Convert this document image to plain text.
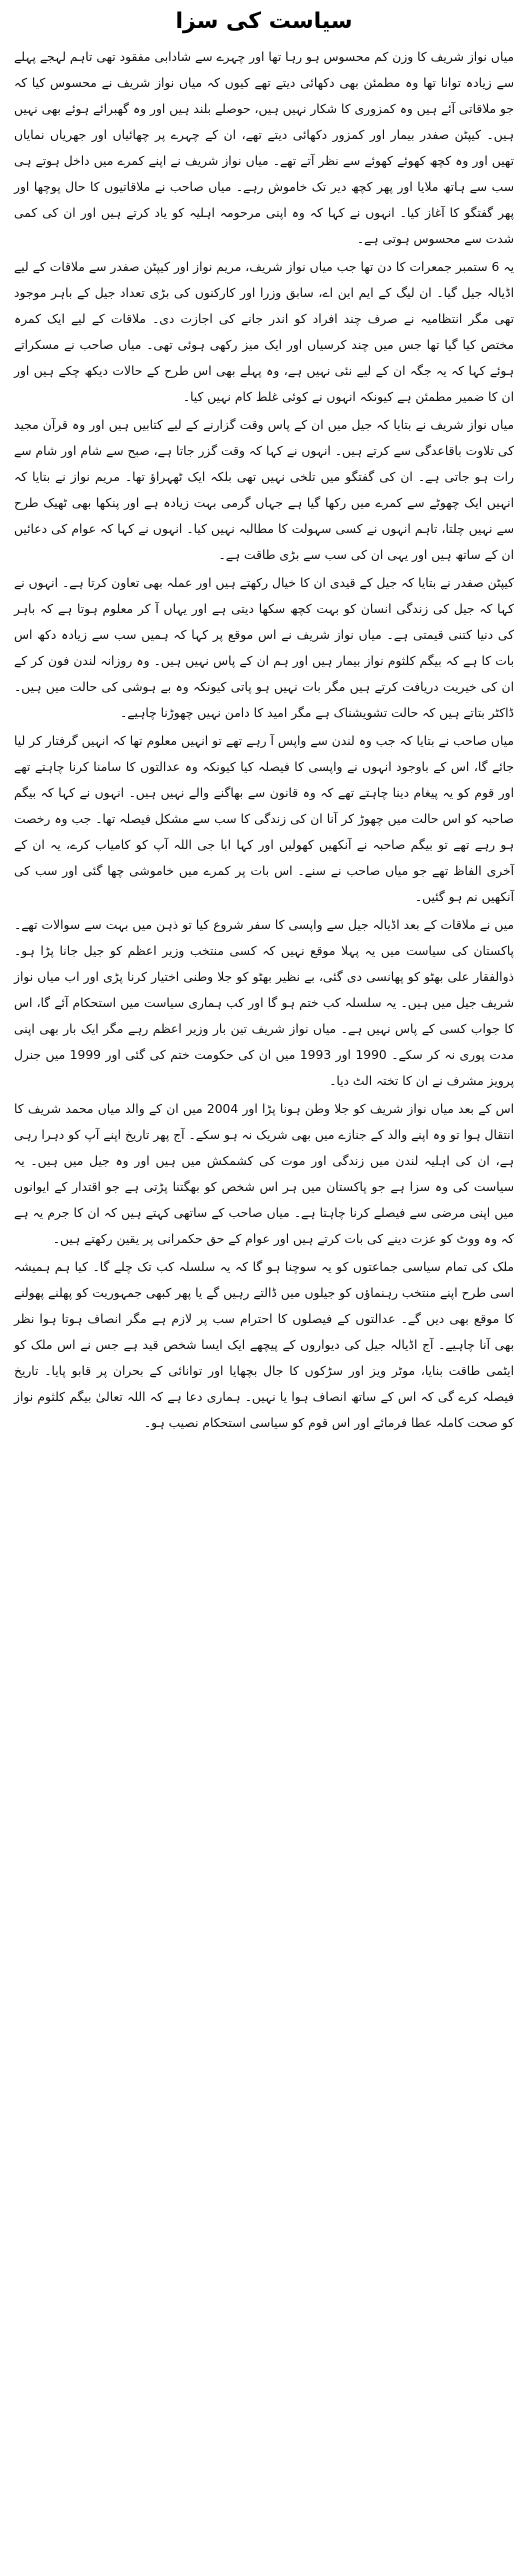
سیاست کی سزا

میاں نواز شریف کا وزن کم محسوس ہو رہا تھا اور چہرے سے شادابی مفقود تھی تاہم لہجے پہلے سے زیادہ توانا تھا وہ مطمئن بھی دکھائی دیتے تھے کیوں کہ میاں نواز شریف نے محسوس کیا کہ جو ملاقاتی آئے ہیں وہ کمزوری کا شکار نہیں ہیں، حوصلے بلند ہیں اور وہ گھبرائے ہوئے بھی نہیں ہیں۔ کیپٹن صفدر بیمار اور کمزور دکھائی دیتے تھے، ان کے چہرے پر چھائیاں اور جھریاں نمایاں تھیں اور وہ کچھ کھوئے کھوئے سے نظر آتے تھے۔ میاں نواز شریف نے اپنے کمرے میں داخل ہوتے ہی سب سے ہاتھ ملایا اور پھر کچھ دیر تک خاموش رہے۔ میاں صاحب نے ملاقاتیوں کا حال پوچھا اور پھر گفتگو کا آغاز کیا۔ انہوں نے کہا کہ وہ اپنی مرحومہ اہلیہ کو یاد کرتے ہیں اور ان کی کمی شدت سے محسوس ہوتی ہے۔

یہ 6 ستمبر جمعرات کا دن تھا جب میاں نواز شریف، مریم نواز اور کیپٹن صفدر سے ملاقات کے لیے اڈیالہ جیل گیا۔ ان لیگ کے ایم این اے، سابق وزرا اور کارکنوں کی بڑی تعداد جیل کے باہر موجود تھی مگر انتظامیہ نے صرف چند افراد کو اندر جانے کی اجازت دی۔ ملاقات کے لیے ایک کمرہ مختص کیا گیا تھا جس میں چند کرسیاں اور ایک میز رکھی ہوئی تھی۔ میاں صاحب نے مسکراتے ہوئے کہا کہ یہ جگہ ان کے لیے نئی نہیں ہے، وہ پہلے بھی اس طرح کے حالات دیکھ چکے ہیں اور ان کا ضمیر مطمئن ہے کیونکہ انہوں نے کوئی غلط کام نہیں کیا۔

میاں نواز شریف نے بتایا کہ جیل میں ان کے پاس وقت گزارنے کے لیے کتابیں ہیں اور وہ قرآن مجید کی تلاوت باقاعدگی سے کرتے ہیں۔ انہوں نے کہا کہ وقت گزر جاتا ہے، صبح سے شام اور شام سے رات ہو جاتی ہے۔ ان کی گفتگو میں تلخی نہیں تھی بلکہ ایک ٹھہراؤ تھا۔ مریم نواز نے بتایا کہ انہیں ایک چھوٹے سے کمرے میں رکھا گیا ہے جہاں گرمی بہت زیادہ ہے اور پنکھا بھی ٹھیک طرح سے نہیں چلتا، تاہم انہوں نے کسی سہولت کا مطالبہ نہیں کیا۔ انہوں نے کہا کہ عوام کی دعائیں ان کے ساتھ ہیں اور یہی ان کی سب سے بڑی طاقت ہے۔

کیپٹن صفدر نے بتایا کہ جیل کے قیدی ان کا خیال رکھتے ہیں اور عملہ بھی تعاون کرتا ہے۔ انہوں نے کہا کہ جیل کی زندگی انسان کو بہت کچھ سکھا دیتی ہے اور یہاں آ کر معلوم ہوتا ہے کہ باہر کی دنیا کتنی قیمتی ہے۔ میاں نواز شریف نے اس موقع پر کہا کہ ہمیں سب سے زیادہ دکھ اس بات کا ہے کہ بیگم کلثوم نواز بیمار ہیں اور ہم ان کے پاس نہیں ہیں۔ وہ روزانہ لندن فون کر کے ان کی خیریت دریافت کرتے ہیں مگر بات نہیں ہو پاتی کیونکہ وہ بے ہوشی کی حالت میں ہیں۔ ڈاکٹر بتاتے ہیں کہ حالت تشویشناک ہے مگر امید کا دامن نہیں چھوڑنا چاہیے۔

میاں صاحب نے بتایا کہ جب وہ لندن سے واپس آ رہے تھے تو انہیں معلوم تھا کہ انہیں گرفتار کر لیا جائے گا، اس کے باوجود انہوں نے واپسی کا فیصلہ کیا کیونکہ وہ عدالتوں کا سامنا کرنا چاہتے تھے اور قوم کو یہ پیغام دینا چاہتے تھے کہ وہ قانون سے بھاگنے والے نہیں ہیں۔ انہوں نے کہا کہ بیگم صاحبہ کو اس حالت میں چھوڑ کر آنا ان کی زندگی کا سب سے مشکل فیصلہ تھا۔ جب وہ رخصت ہو رہے تھے تو بیگم صاحبہ نے آنکھیں کھولیں اور کہا ابا جی اللہ آپ کو کامیاب کرے، یہ ان کے آخری الفاظ تھے جو میاں صاحب نے سنے۔ اس بات پر کمرے میں خاموشی چھا گئی اور سب کی آنکھیں نم ہو گئیں۔

میں نے ملاقات کے بعد اڈیالہ جیل سے واپسی کا سفر شروع کیا تو ذہن میں بہت سے سوالات تھے۔ پاکستان کی سیاست میں یہ پہلا موقع نہیں کہ کسی منتخب وزیر اعظم کو جیل جانا پڑا ہو۔ ذوالفقار علی بھٹو کو پھانسی دی گئی، بے نظیر بھٹو کو جلا وطنی اختیار کرنا پڑی اور اب میاں نواز شریف جیل میں ہیں۔ یہ سلسلہ کب ختم ہو گا اور کب ہماری سیاست میں استحکام آئے گا، اس کا جواب کسی کے پاس نہیں ہے۔ میاں نواز شریف تین بار وزیر اعظم رہے مگر ایک بار بھی اپنی مدت پوری نہ کر سکے۔ 1990 اور 1993 میں ان کی حکومت ختم کی گئی اور 1999 میں جنرل پرویز مشرف نے ان کا تختہ الٹ دیا۔

اس کے بعد میاں نواز شریف کو جلا وطن ہونا پڑا اور 2004 میں ان کے والد میاں محمد شریف کا انتقال ہوا تو وہ اپنے والد کے جنازے میں بھی شریک نہ ہو سکے۔ آج پھر تاریخ اپنے آپ کو دہرا رہی ہے، ان کی اہلیہ لندن میں زندگی اور موت کی کشمکش میں ہیں اور وہ جیل میں ہیں۔ یہ سیاست کی وہ سزا ہے جو پاکستان میں ہر اس شخص کو بھگتنا پڑتی ہے جو اقتدار کے ایوانوں میں اپنی مرضی سے فیصلے کرنا چاہتا ہے۔ میاں صاحب کے ساتھی کہتے ہیں کہ ان کا جرم یہ ہے کہ وہ ووٹ کو عزت دینے کی بات کرتے ہیں اور عوام کے حق حکمرانی پر یقین رکھتے ہیں۔

ملک کی تمام سیاسی جماعتوں کو یہ سوچنا ہو گا کہ یہ سلسلہ کب تک چلے گا۔ کیا ہم ہمیشہ اسی طرح اپنے منتخب رہنماؤں کو جیلوں میں ڈالتے رہیں گے یا پھر کبھی جمہوریت کو پھلنے پھولنے کا موقع بھی دیں گے۔ عدالتوں کے فیصلوں کا احترام سب پر لازم ہے مگر انصاف ہوتا ہوا نظر بھی آنا چاہیے۔ آج اڈیالہ جیل کی دیواروں کے پیچھے ایک ایسا شخص قید ہے جس نے اس ملک کو ایٹمی طاقت بنایا، موٹر ویز اور سڑکوں کا جال بچھایا اور توانائی کے بحران پر قابو پایا۔ تاریخ فیصلہ کرے گی کہ اس کے ساتھ انصاف ہوا یا نہیں۔ ہماری دعا ہے کہ اللہ تعالیٰ بیگم کلثوم نواز کو صحت کاملہ عطا فرمائے اور اس قوم کو سیاسی استحکام نصیب ہو۔
